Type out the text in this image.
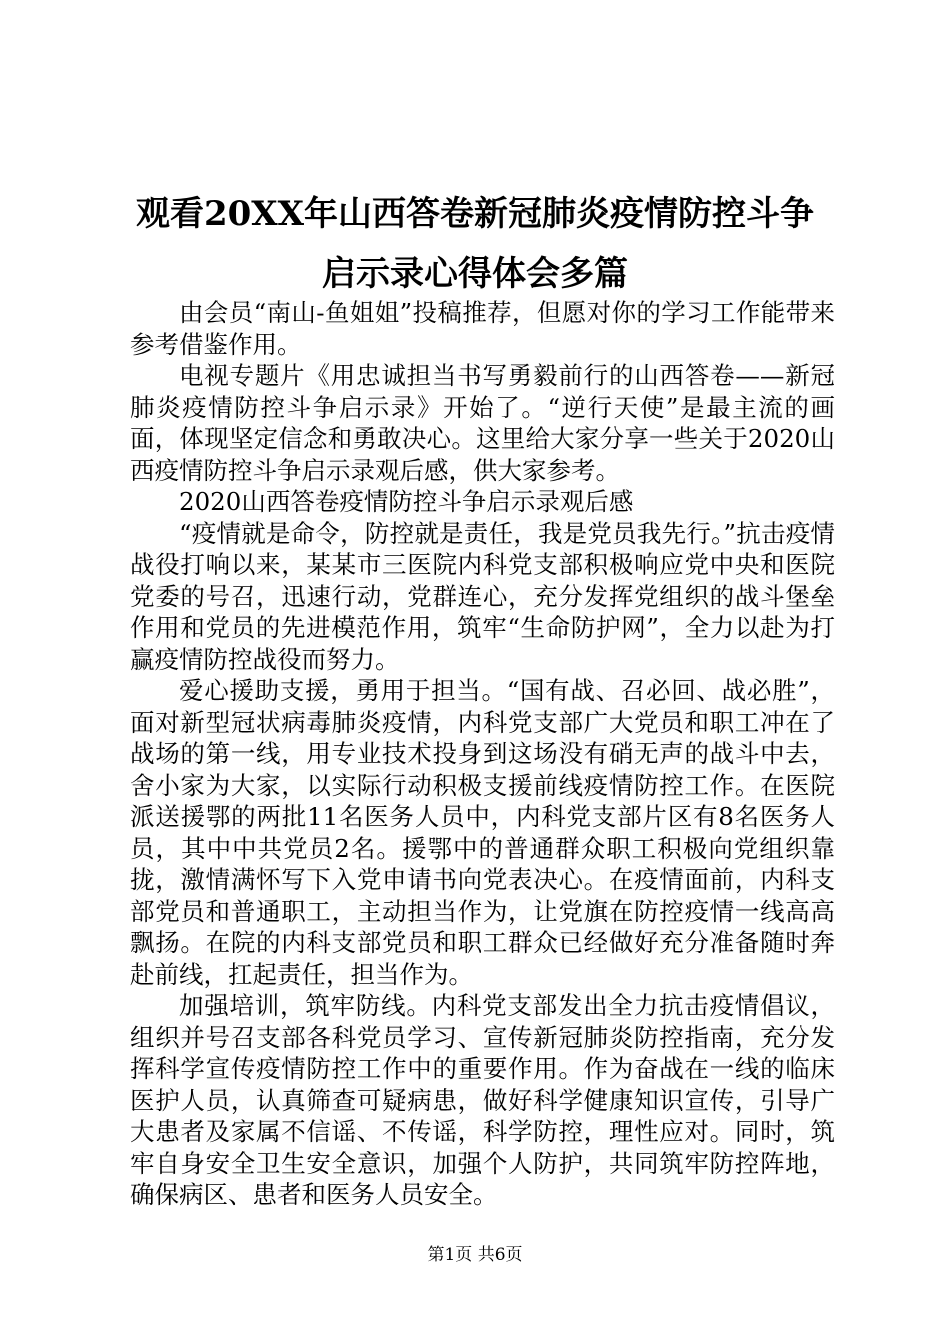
观看20XX年山西答卷新冠肺炎疫情防控斗争
启示录心得体会多篇

由会员“南山-鱼姐姐”投稿推荐，但愿对你的学习工作能带来参考借鉴作用。

电视专题片《用忠诚担当书写勇毅前行的山西答卷——新冠肺炎疫情防控斗争启示录》开始了。“逆行天使”是最主流的画面，体现坚定信念和勇敢决心。这里给大家分享一些关于2020山西疫情防控斗争启示录观后感，供大家参考。

2020山西答卷疫情防控斗争启示录观后感

“疫情就是命令，防控就是责任，我是党员我先行。”抗击疫情战役打响以来，某某市三医院内科党支部积极响应党中央和医院党委的号召，迅速行动，党群连心，充分发挥党组织的战斗堡垒作用和党员的先进模范作用，筑牢“生命防护网”，全力以赴为打赢疫情防控战役而努力。

爱心援助支援，勇用于担当。“国有战、召必回、战必胜”，面对新型冠状病毒肺炎疫情，内科党支部广大党员和职工冲在了战场的第一线，用专业技术投身到这场没有硝无声的战斗中去，舍小家为大家，以实际行动积极支援前线疫情防控工作。在医院派送援鄂的两批11名医务人员中，内科党支部片区有8名医务人员，其中中共党员2名。援鄂中的普通群众职工积极向党组织靠拢，激情满怀写下入党申请书向党表决心。在疫情面前，内科支部党员和普通职工，主动担当作为，让党旗在防控疫情一线高高飘扬。在院的内科支部党员和职工群众已经做好充分准备随时奔赴前线，扛起责任，担当作为。

加强培训，筑牢防线。内科党支部发出全力抗击疫情倡议，组织并号召支部各科党员学习、宣传新冠肺炎防控指南，充分发挥科学宣传疫情防控工作中的重要作用。作为奋战在一线的临床医护人员，认真筛查可疑病患，做好科学健康知识宣传，引导广大患者及家属不信谣、不传谣，科学防控，理性应对。同时，筑牢自身安全卫生安全意识，加强个人防护，共同筑牢防控阵地，确保病区、患者和医务人员安全。

第1页 共6页
